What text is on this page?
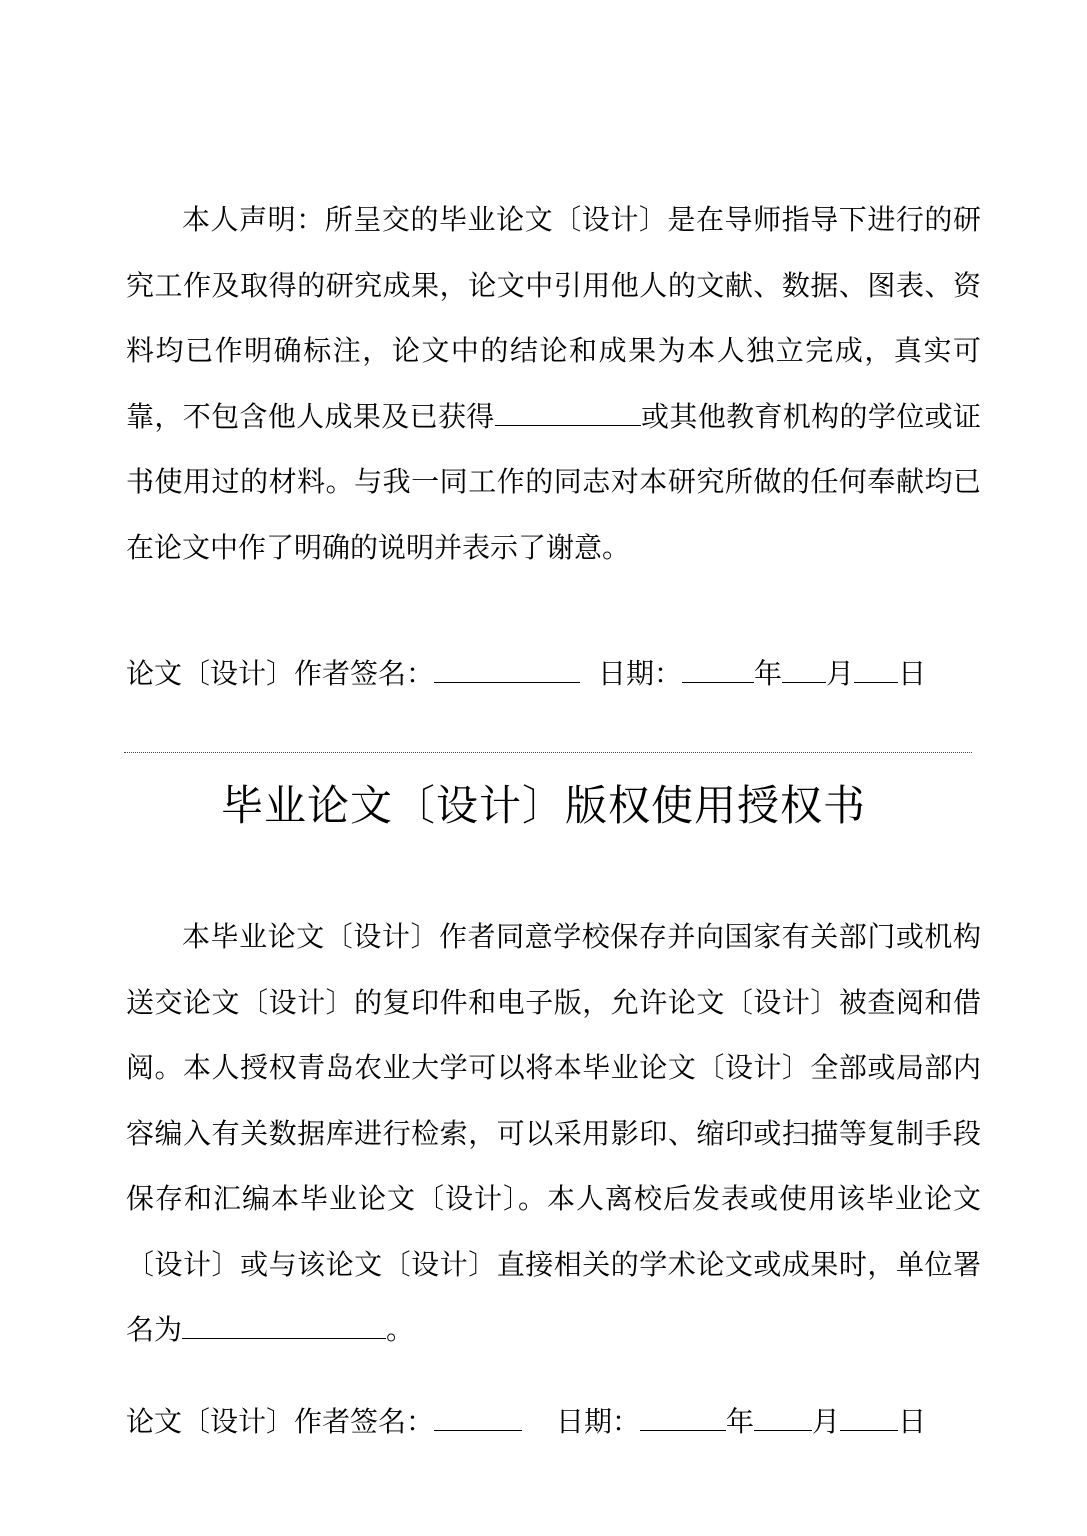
本人声明：所呈交的毕业论文〔设计〕是在导师指导下进行的研究工作及取得的研究成果，论文中引用他人的文献、数据、图表、资料均已作明确标注，论文中的结论和成果为本人独立完成，真实可靠，不包含他人成果及已获得	或其他教育机构的学位或证书使用过的材料。与我一同工作的同志对本研究所做的任何奉献均已在论文中作了明确的说明并表示了谢意。
论文〔设计〕作者签名：	日期：	年 月 日
毕业论文〔设计〕版权使用授权书
本毕业论文〔设计〕作者同意学校保存并向国家有关部门或机构送交论文〔设计〕的复印件和电子版，允许论文〔设计〕被查阅和借阅。本人授权青岛农业大学可以将本毕业论文〔设计〕全部或局部内容编入有关数据库进行检索，可以采用影印、缩印或扫描等复制手段保存和汇编本毕业论文〔设计〕。本人离校后发表或使用该毕业论文〔设计〕或与该论文〔设计〕直接相关的学术论文或成果时，单位署名为	。
论文〔设计〕作者签名：	日期：	年 月 日
